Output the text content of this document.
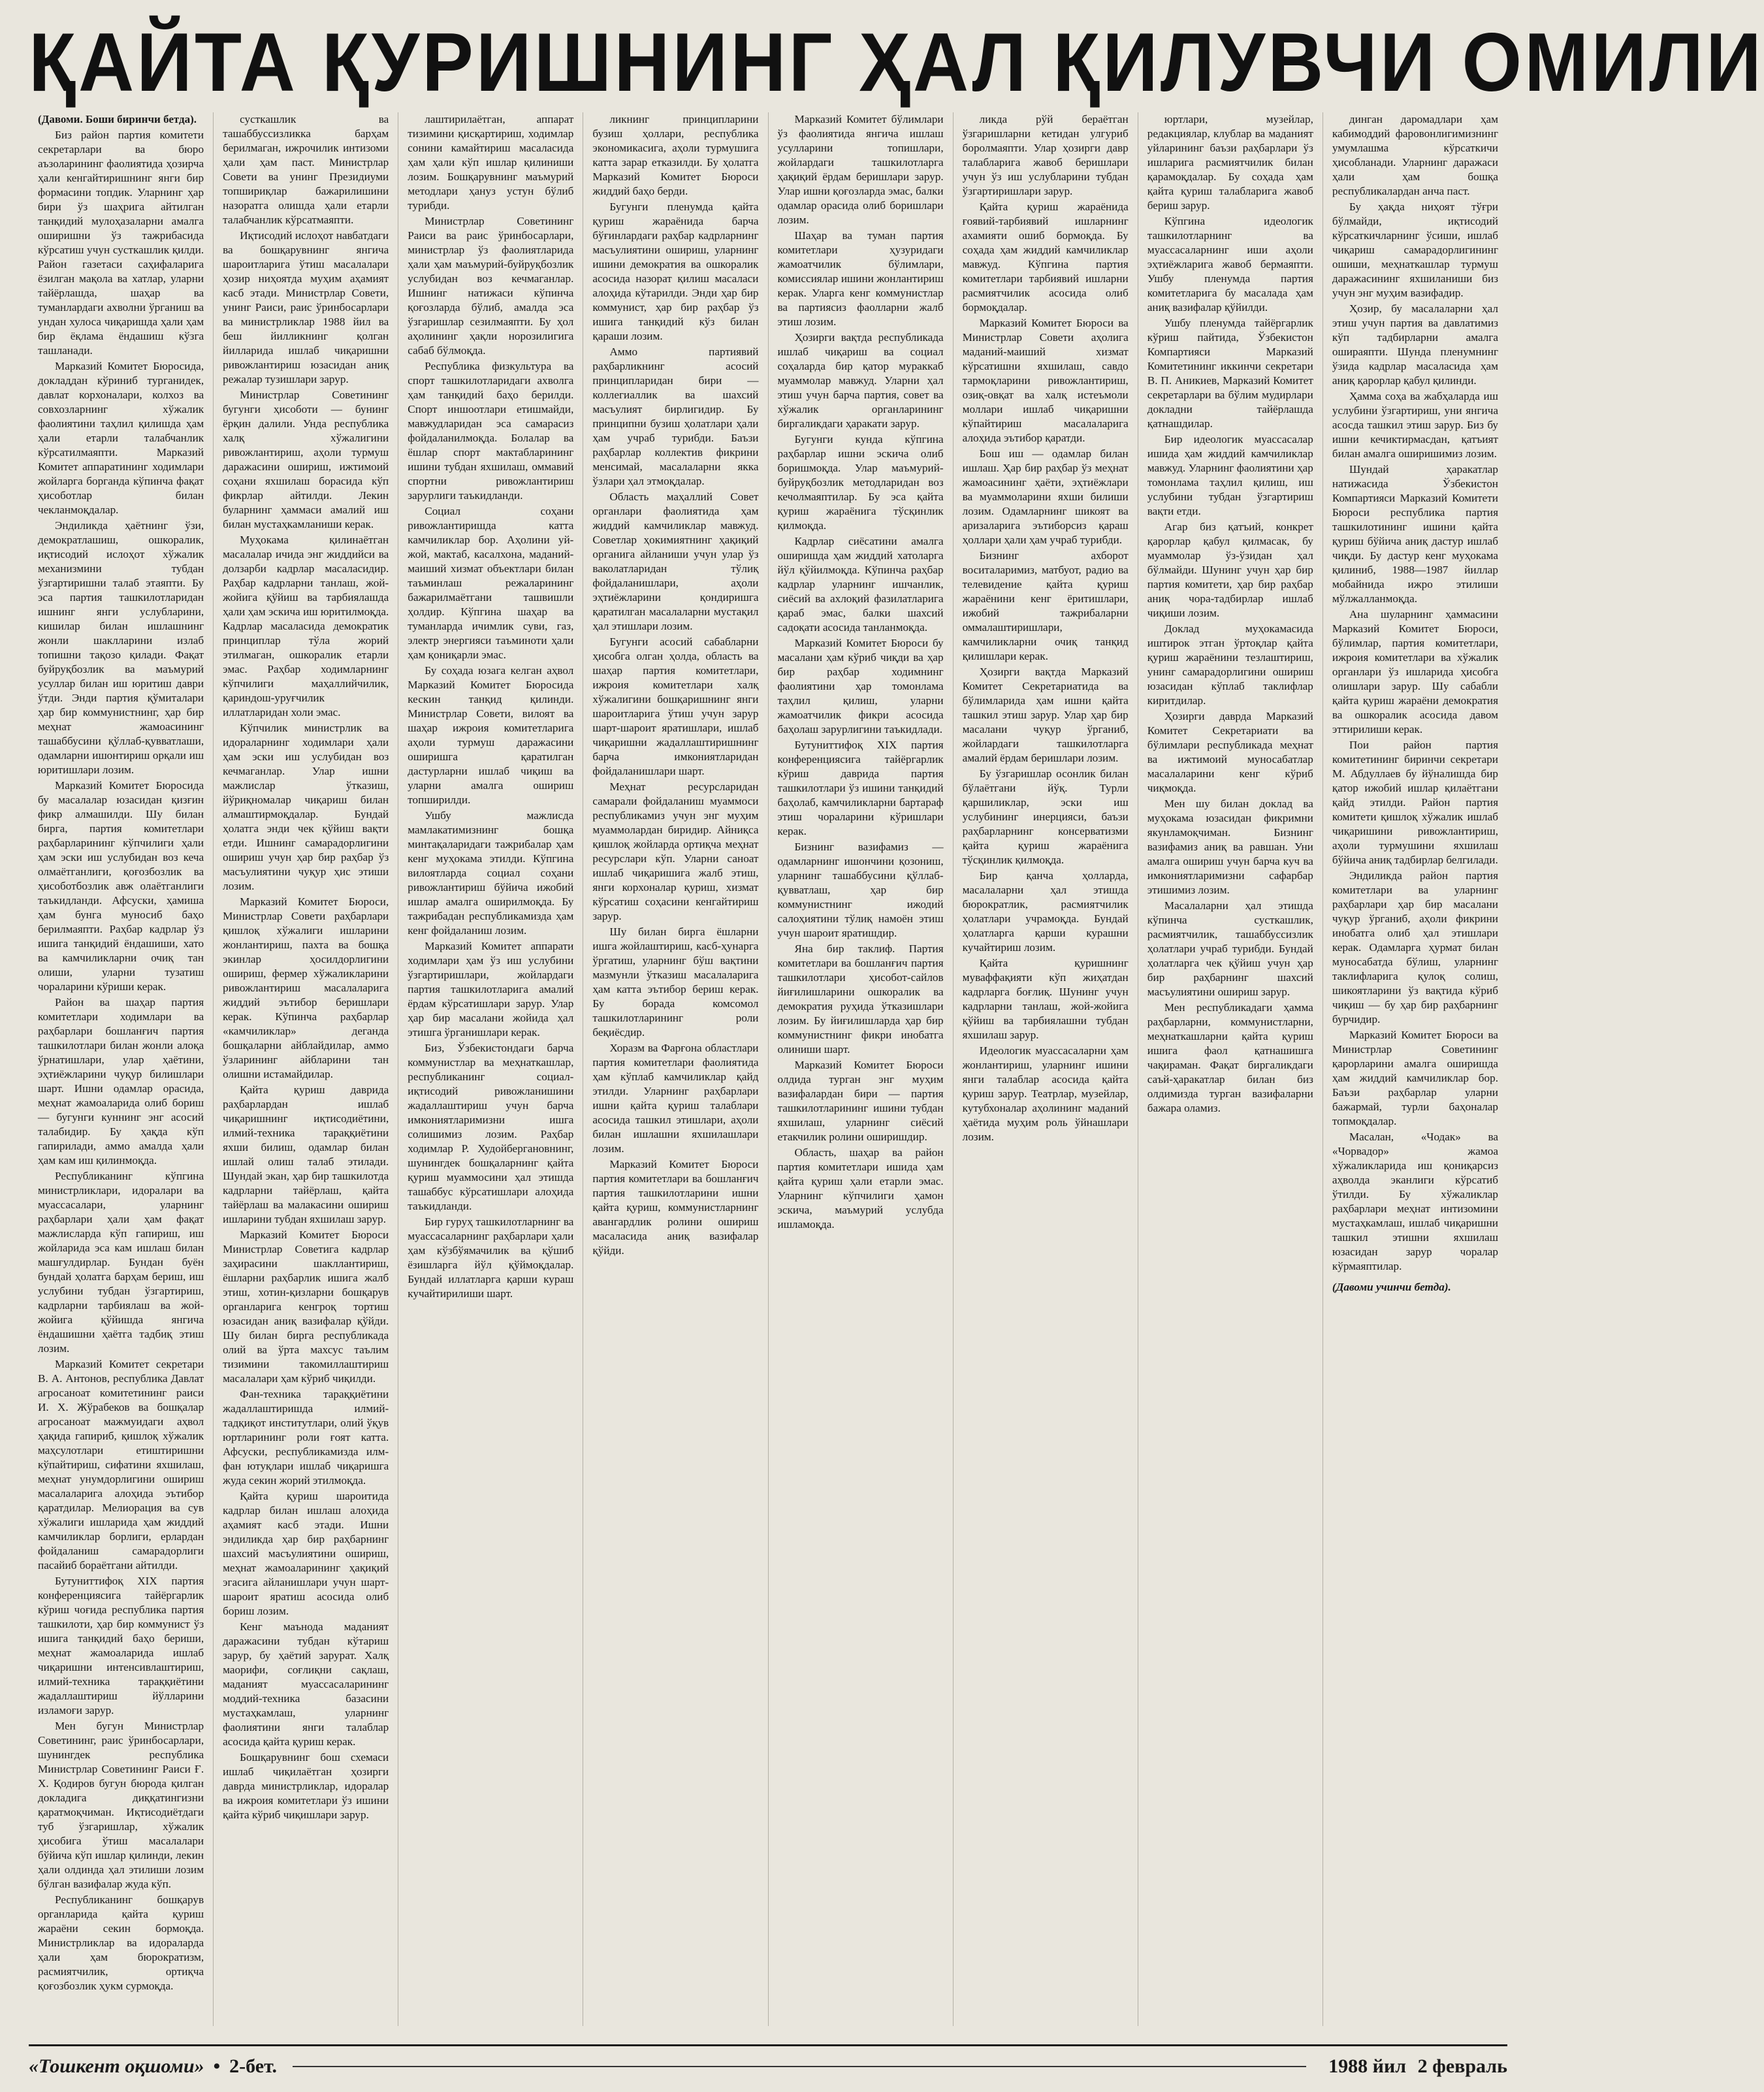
ҚАЙТА ҚУРИШНИНГ ҲАЛ ҚИЛУВЧИ ОМИЛИ

(Давоми. Боши биринчи бетда).

Биз район партия комитети секретарлари ва бюро аъзоларининг фаолиятида ҳозирча ҳали кенгайтиришнинг янги бир формасини топдик. Уларнинг ҳар бири ўз шаҳрига айтилган танқидий мулоҳазаларни амалга оширишни ўз тажрибасида кўрсатиш учун сусткашлик қилди. Район газетаси саҳифаларига ёзилган мақола ва хатлар, уларни тайёрлашда, шаҳар ва туманлардаги ахволни ўрганиш ва ундан хулоса чиқаришда ҳали ҳам бир ёқлама ёндашиш кўзга ташланади.

Марказий Комитет Бюросида, докладдан кўриниб турганидек, давлат корхоналари, колхоз ва совхозларнинг хўжалик фаолиятини таҳлил қилишда ҳам ҳали етарли талабчанлик кўрсатилмаяпти. Марказий Комитет аппаратининг ходимлари жойларга борганда кўпинча фақат ҳисоботлар билан чекланмоқдалар.

Эндиликда ҳаётнинг ўзи, демократлашиш, ошкоралик, иқтисодий ислоҳот хўжалик механизмини тубдан ўзгартиришни талаб этаяпти. Бу эса партия ташкилотларидан ишнинг янги услубларини, кишилар билан ишлашнинг жонли шаклларини излаб топишни тақозо қилади. Фақат буйруқбозлик ва маъмурий усуллар билан иш юритиш даври ўтди. Энди партия қўмиталари ҳар бир коммунистнинг, ҳар бир меҳнат жамоасининг ташаббусини қўллаб-қувватлаши, одамларни ишонтириш орқали иш юритишлари лозим.

Марказий Комитет Бюросида бу масалалар юзасидан қизғин фикр алмашилди. Шу билан бирга, партия комитетлари раҳбарларининг кўпчилиги ҳали ҳам эски иш услубидан воз кеча олмаётганлиги, қоғозбозлик ва ҳисоботбозлик авж олаётганлиги таъкидланди. Афсуски, ҳамиша ҳам бунга муносиб баҳо берилмаяпти. Раҳбар кадрлар ўз ишига танқидий ёндашиши, хато ва камчиликларни очиқ тан олиши, уларни тузатиш чораларини кўриши керак.

Район ва шаҳар партия комитетлари ходимлари ва раҳбарлари бошланғич партия ташкилотлари билан жонли алоқа ўрнатишлари, улар ҳаётини, эҳтиёжларини чуқур билишлари шарт. Ишни одамлар орасида, меҳнат жамоаларида олиб бориш — бугунги куннинг энг асосий талабидир. Бу ҳақда кўп гапирилади, аммо амалда ҳали ҳам кам иш қилинмоқда.

Республиканинг кўпгина министрликлари, идоралари ва муассасалари, уларнинг раҳбарлари ҳали ҳам фақат мажлисларда кўп гапириш, иш жойларида эса кам ишлаш билан машғулдирлар. Бундан буён бундай ҳолатга барҳам бериш, иш услубини тубдан ўзгартириш, кадрларни тарбиялаш ва жой-жойига қўйишда янгича ёндашишни ҳаётга тадбиқ этиш лозим.

Марказий Комитет секретари В. А. Антонов, республика Давлат агросаноат комитетининг раиси И. Х. Жўрабеков ва бошқалар агросаноат мажмуидаги аҳвол ҳақида гапириб, қишлоқ хўжалик маҳсулотлари етиштиришни кўпайтириш, сифатини яхшилаш, меҳнат унумдорлигини ошириш масалаларига алоҳида эътибор қаратдилар. Мелиорация ва сув хўжалиги ишларида ҳам жиддий камчиликлар борлиги, ерлардан фойдаланиш самарадорлиги пасайиб бораётгани айтилди.

Бутуниттифоқ XIX партия конференциясига тайёргарлик кўриш чоғида республика партия ташкилоти, ҳар бир коммунист ўз ишига танқидий баҳо бериши, меҳнат жамоаларида ишлаб чиқаришни интенсивлаштириш, илмий-техника тараққиётини жадаллаштириш йўлларини изламоғи зарур.

Мен бугун Министрлар Советининг, раис ўринбосарлари, шунингдек республика Министрлар Советининг Раиси Ғ. Х. Қодиров бугун бюрода қилган докладига диққатингизни қаратмоқчиман. Иқтисодиётдаги туб ўзгаришлар, хўжалик ҳисобига ўтиш масалалари бўйича кўп ишлар қилинди, лекин ҳали олдинда ҳал этилиши лозим бўлган вазифалар жуда кўп.

Республиканинг бошқарув органларида қайта қуриш жараёни секин бормоқда. Министрликлар ва идораларда ҳали ҳам бюрократизм, расмиятчилик, ортиқча қоғозбозлик ҳукм сурмоқда.

сусткашлик ва ташаббуссизликка барҳам берилмаган, ижрочилик интизоми ҳали ҳам паст. Министрлар Совети ва унинг Президиуми топшириқлар бажарилишини назоратга олишда ҳали етарли талабчанлик кўрсатмаяпти.

Иқтисодий ислоҳот навбатдаги ва бошқарувнинг янгича шароитларига ўтиш масалалари ҳозир ниҳоятда муҳим аҳамият касб этади. Министрлар Совети, унинг Раиси, раис ўринбосарлари ва министрликлар 1988 йил ва беш йилликнинг қолган йилларида ишлаб чиқаришни ривожлантириш юзасидан аниқ режалар тузишлари зарур.

Министрлар Советининг бугунги ҳисоботи — бунинг ёрқин далили. Унда республика халқ хўжалигини ривожлантириш, аҳоли турмуш даражасини ошириш, ижтимоий соҳани яхшилаш борасида кўп фикрлар айтилди. Лекин буларнинг ҳаммаси амалий иш билан мустаҳкамланиши керак.

Муҳокама қилинаётган масалалар ичида энг жиддийси ва долзарби кадрлар масаласидир. Раҳбар кадрларни танлаш, жой-жойига қўйиш ва тарбиялашда ҳали ҳам эскича иш юритилмоқда. Кадрлар масаласида демократик принциплар тўла жорий этилмаган, ошкоралик етарли эмас. Раҳбар ходимларнинг кўпчилиги маҳаллийчилик, қариндош-уруғчилик иллатларидан холи эмас.

Кўпчилик министрлик ва идораларнинг ходимлари ҳали ҳам эски иш услубидан воз кечмаганлар. Улар ишни мажлислар ўтказиш, йўриқномалар чиқариш билан алмаштирмоқдалар. Бундай ҳолатга энди чек қўйиш вақти етди. Ишнинг самарадорлигини ошириш учун ҳар бир раҳбар ўз масъулиятини чуқур ҳис этиши лозим.

Марказий Комитет Бюроси, Министрлар Совети раҳбарлари қишлоқ хўжалиги ишларини жонлантириш, пахта ва бошқа экинлар ҳосилдорлигини ошириш, фермер хўжаликларини ривожлантириш масалаларига жиддий эътибор беришлари керак. Кўпинча раҳбарлар «камчиликлар» деганда бошқаларни айблайдилар, аммо ўзларининг айбларини тан олишни истамайдилар.

Қайта қуриш даврида раҳбарлардан ишлаб чиқаришнинг иқтисодиётини, илмий-техника тараққиётини яхши билиш, одамлар билан ишлай олиш талаб этилади. Шундай экан, ҳар бир ташкилотда кадрларни тайёрлаш, қайта тайёрлаш ва малакасини ошириш ишларини тубдан яхшилаш зарур.

Марказий Комитет Бюроси Министрлар Советига кадрлар заҳирасини шакллантириш, ёшларни раҳбарлик ишига жалб этиш, хотин-қизларни бошқарув органларига кенгроқ тортиш юзасидан аниқ вазифалар қўйди. Шу билан бирга республикада олий ва ўрта махсус таълим тизимини такомиллаштириш масалалари ҳам кўриб чиқилди.

Фан-техника тараққиётини жадаллаштиришда илмий-тадқиқот институтлари, олий ўқув юртларининг роли ғоят катта. Афсуски, республикамизда илм-фан ютуқлари ишлаб чиқаришга жуда секин жорий этилмоқда.

Қайта қуриш шароитида кадрлар билан ишлаш алоҳида аҳамият касб этади. Ишни эндиликда ҳар бир раҳбарнинг шахсий масъулиятини ошириш, меҳнат жамоаларининг ҳақиқий эгасига айланишлари учун шарт-шароит яратиш асосида олиб бориш лозим.

Кенг маънода маданият даражасини тубдан кўтариш зарур, бу ҳаётий зарурат. Халқ маорифи, соғлиқни сақлаш, маданият муассасаларининг моддий-техника базасини мустаҳкамлаш, уларнинг фаолиятини янги талаблар асосида қайта қуриш керак.

Бошқарувнинг бош схемаси ишлаб чиқилаётган ҳозирги даврда министрликлар, идоралар ва ижроия комитетлари ўз ишини қайта кўриб чиқишлари зарур.

лаштирилаётган, аппарат тизимини қисқартириш, ходимлар сонини камайтириш масаласида ҳам ҳали кўп ишлар қилиниши лозим. Бошқарувнинг маъмурий методлари ҳануз устун бўлиб турибди.

Министрлар Советининг Раиси ва раис ўринбосарлари, министрлар ўз фаолиятларида ҳали ҳам маъмурий-буйруқбозлик услубидан воз кечмаганлар. Ишнинг натижаси кўпинча қоғозларда бўлиб, амалда эса ўзгаришлар сезилмаяпти. Бу ҳол аҳолининг ҳақли норозилигига сабаб бўлмоқда.

Республика физкультура ва спорт ташкилотларидаги ахволга ҳам танқидий баҳо берилди. Спорт иншоотлари етишмайди, мавжудларидан эса самарасиз фойдаланилмоқда. Болалар ва ёшлар спорт мактабларининг ишини тубдан яхшилаш, оммавий спортни ривожлантириш зарурлиги таъкидланди.

Социал соҳани ривожлантиришда катта камчиликлар бор. Аҳолини уй-жой, мактаб, касалхона, маданий-маиший хизмат объектлари билан таъминлаш режаларининг бажарилмаётгани ташвишли ҳолдир. Кўпгина шаҳар ва туманларда ичимлик суви, газ, электр энергияси таъминоти ҳали ҳам қониқарли эмас.

Бу соҳада юзага келган аҳвол Марказий Комитет Бюросида кескин танқид қилинди. Министрлар Совети, вилоят ва шаҳар ижроия комитетларига аҳоли турмуш даражасини оширишга қаратилган дастурларни ишлаб чиқиш ва уларни амалга ошириш топширилди.

Ушбу мажлисда мамлакатимизнинг бошқа минтақаларидаги тажрибалар ҳам кенг муҳокама этилди. Кўпгина вилоятларда социал соҳани ривожлантириш бўйича ижобий ишлар амалга оширилмоқда. Бу тажрибадан республикамизда ҳам кенг фойдаланиш лозим.

Марказий Комитет аппарати ходимлари ҳам ўз иш услубини ўзгартиришлари, жойлардаги партия ташкилотларига амалий ёрдам кўрсатишлари зарур. Улар ҳар бир масалани жойида ҳал этишга ўрганишлари керак.

Биз, Ўзбекистондаги барча коммунистлар ва меҳнаткашлар, республиканинг социал-иқтисодий ривожланишини жадаллаштириш учун барча имкониятларимизни ишга солишимиз лозим. Раҳбар ходимлар Р. Худойбергановнинг, шунингдек бошқаларнинг қайта қуриш муаммосини ҳал этишда ташаббус кўрсатишлари алоҳида таъкидланди.

Бир гуруҳ ташкилотларнинг ва муассасаларнинг раҳбарлари ҳали ҳам кўзбўямачилик ва қўшиб ёзишларга йўл қўймоқдалар. Бундай иллатларга қарши кураш кучайтирилиши шарт.

ликнинг принципларини бузиш ҳоллари, республика экономикасига, аҳоли турмушига катта зарар етказилди. Бу ҳолатга Марказий Комитет Бюроси жиддий баҳо берди.

Бугунги пленумда қайта қуриш жараёнида барча бўғинлардаги раҳбар кадрларнинг масъулиятини ошириш, уларнинг ишини демократия ва ошкоралик асосида назорат қилиш масаласи алоҳида кўтарилди. Энди ҳар бир коммунист, ҳар бир раҳбар ўз ишига танқидий кўз билан қараши лозим.

Аммо партиявий раҳбарликнинг асосий принципларидан бири — коллегиаллик ва шахсий масъулият бирлигидир. Бу принципни бузиш ҳолатлари ҳали ҳам учраб турибди. Баъзи раҳбарлар коллектив фикрини менсимай, масалаларни якка ўзлари ҳал этмоқдалар.

Область маҳаллий Совет органлари фаолиятида ҳам жиддий камчиликлар мавжуд. Советлар ҳокимиятнинг ҳақиқий органига айланиши учун улар ўз ваколатларидан тўлиқ фойдаланишлари, аҳоли эҳтиёжларини қондиришга қаратилган масалаларни мустақил ҳал этишлари лозим.

Бугунги асосий сабабларни ҳисобга олган ҳолда, область ва шаҳар партия комитетлари, ижроия комитетлари халқ хўжалигини бошқаришнинг янги шароитларига ўтиш учун зарур шарт-шароит яратишлари, ишлаб чиқаришни жадаллаштиришнинг барча имкониятларидан фойдаланишлари шарт.

Меҳнат ресурсларидан самарали фойдаланиш муаммоси республикамиз учун энг муҳим муаммолардан биридир. Айниқса қишлоқ жойларда ортиқча меҳнат ресурслари кўп. Уларни саноат ишлаб чиқаришига жалб этиш, янги корхоналар қуриш, хизмат кўрсатиш соҳасини кенгайтириш зарур.

Шу билан бирга ёшларни ишга жойлаштириш, касб-ҳунарга ўргатиш, уларнинг бўш вақтини мазмунли ўтказиш масалаларига ҳам катта эътибор бериш керак. Бу борада комсомол ташкилотларининг роли беқиёсдир.

Хоразм ва Фарғона областлари партия комитетлари фаолиятида ҳам кўплаб камчиликлар қайд этилди. Уларнинг раҳбарлари ишни қайта қуриш талаблари асосида ташкил этишлари, аҳоли билан ишлашни яхшилашлари лозим.

Марказий Комитет Бюроси партия комитетлари ва бошланғич партия ташкилотларини ишни қайта қуриш, коммунистларнинг авангардлик ролини ошириш масаласида аниқ вазифалар қўйди.

Марказий Комитет бўлимлари ўз фаолиятида янгича ишлаш усулларини топишлари, жойлардаги ташкилотларга ҳақиқий ёрдам беришлари зарур. Улар ишни қоғозларда эмас, балки одамлар орасида олиб боришлари лозим.

Шаҳар ва туман партия комитетлари ҳузуридаги жамоатчилик бўлимлари, комиссиялар ишини жонлантириш керак. Уларга кенг коммунистлар ва партиясиз фаолларни жалб этиш лозим.

Ҳозирги вақтда республикада ишлаб чиқариш ва социал соҳаларда бир қатор мураккаб муаммолар мавжуд. Уларни ҳал этиш учун барча партия, совет ва хўжалик органларининг биргаликдаги ҳаракати зарур.

Бугунги кунда кўпгина раҳбарлар ишни эскича олиб боришмоқда. Улар маъмурий-буйруқбозлик методларидан воз кечолмаяптилар. Бу эса қайта қуриш жараёнига тўсқинлик қилмоқда.

Кадрлар сиёсатини амалга оширишда ҳам жиддий хатоларга йўл қўйилмоқда. Кўпинча раҳбар кадрлар уларнинг ишчанлик, сиёсий ва ахлоқий фазилатларига қараб эмас, балки шахсий садоқати асосида танланмоқда.

Марказий Комитет Бюроси бу масалани ҳам кўриб чиқди ва ҳар бир раҳбар ходимнинг фаолиятини ҳар томонлама таҳлил қилиш, уларни жамоатчилик фикри асосида баҳолаш зарурлигини таъкидлади.

Бутуниттифоқ XIX партия конференциясига тайёргарлик кўриш даврида партия ташкилотлари ўз ишини танқидий баҳолаб, камчиликларни бартараф этиш чораларини кўришлари керак.

Бизнинг вазифамиз — одамларнинг ишончини қозониш, уларнинг ташаббусини қўллаб-қувватлаш, ҳар бир коммунистнинг ижодий салоҳиятини тўлиқ намоён этиш учун шароит яратишдир.

Яна бир таклиф. Партия комитетлари ва бошланғич партия ташкилотлари ҳисобот-сайлов йиғилишларини ошкоралик ва демократия руҳида ўтказишлари лозим. Бу йиғилишларда ҳар бир коммунистнинг фикри инобатга олиниши шарт.

Марказий Комитет Бюроси олдида турган энг муҳим вазифалардан бири — партия ташкилотларининг ишини тубдан яхшилаш, уларнинг сиёсий етакчилик ролини оширишдир.

Область, шаҳар ва район партия комитетлари ишида ҳам қайта қуриш ҳали етарли эмас. Уларнинг кўпчилиги ҳамон эскича, маъмурий услубда ишламоқда.

ликда рўй бераётган ўзгаришларни кетидан улгуриб боролмаяпти. Улар ҳозирги давр талабларига жавоб беришлари учун ўз иш услубларини тубдан ўзгартиришлари зарур.

Қайта қуриш жараёнида ғоявий-тарбиявий ишларнинг ахамияти ошиб бормоқда. Бу соҳада ҳам жиддий камчиликлар мавжуд. Кўпгина партия комитетлари тарбиявий ишларни расмиятчилик асосида олиб бормоқдалар.

Марказий Комитет Бюроси ва Министрлар Совети аҳолига маданий-маиший хизмат кўрсатишни яхшилаш, савдо тармоқларини ривожлантириш, озиқ-овқат ва халқ истеъмоли моллари ишлаб чиқаришни кўпайтириш масалаларига алоҳида эътибор қаратди.

Бош иш — одамлар билан ишлаш. Ҳар бир раҳбар ўз меҳнат жамоасининг ҳаёти, эҳтиёжлари ва муаммоларини яхши билиши лозим. Одамларнинг шикоят ва аризаларига эътиборсиз қараш ҳоллари ҳали ҳам учраб турибди.

Бизнинг ахборот воситаларимиз, матбуот, радио ва телевидение қайта қуриш жараёнини кенг ёритишлари, ижобий тажрибаларни оммалаштиришлари, камчиликларни очиқ танқид қилишлари керак.

Ҳозирги вақтда Марказий Комитет Секретариатида ва бўлимларида ҳам ишни қайта ташкил этиш зарур. Улар ҳар бир масалани чуқур ўрганиб, жойлардаги ташкилотларга амалий ёрдам беришлари лозим.

Бу ўзгаришлар осонлик билан бўлаётгани йўқ. Турли қаршиликлар, эски иш услубининг инерцияси, баъзи раҳбарларнинг консерватизми қайта қуриш жараёнига тўсқинлик қилмоқда.

Бир қанча ҳолларда, масалаларни ҳал этишда бюрократлик, расмиятчилик ҳолатлари учрамоқда. Бундай ҳолатларга қарши курашни кучайтириш лозим.

Қайта қуришнинг муваффақияти кўп жиҳатдан кадрларга боғлиқ. Шунинг учун кадрларни танлаш, жой-жойига қўйиш ва тарбиялашни тубдан яхшилаш зарур.

Идеологик муассасаларни ҳам жонлантириш, уларнинг ишини янги талаблар асосида қайта қуриш зарур. Театрлар, музейлар, кутубхоналар аҳолининг маданий ҳаётида муҳим роль ўйнашлари лозим.

юртлари, музейлар, редакциялар, клублар ва маданият уйларининг баъзи раҳбарлари ўз ишларига расмиятчилик билан қарамоқдалар. Бу соҳада ҳам қайта қуриш талабларига жавоб бериш зарур.

Кўпгина идеологик ташкилотларнинг ва муассасаларнинг иши аҳоли эҳтиёжларига жавоб бермаяпти. Ушбу пленумда партия комитетларига бу масалада ҳам аниқ вазифалар қўйилди.

Ушбу пленумда тайёргарлик кўриш пайтида, Ўзбекистон Компартияси Марказий Комитетининг иккинчи секретари В. П. Аникиев, Марказий Комитет секретарлари ва бўлим мудирлари докладни тайёрлашда қатнашдилар.

Бир идеологик муассасалар ишида ҳам жиддий камчиликлар мавжуд. Уларнинг фаолиятини ҳар томонлама таҳлил қилиш, иш услубини тубдан ўзгартириш вақти етди.

Агар биз қатъий, конкрет қарорлар қабул қилмасак, бу муаммолар ўз-ўзидан ҳал бўлмайди. Шунинг учун ҳар бир партия комитети, ҳар бир раҳбар аниқ чора-тадбирлар ишлаб чиқиши лозим.

Доклад муҳокамасида иштирок этган ўртоқлар қайта қуриш жараёнини тезлаштириш, унинг самарадорлигини ошириш юзасидан кўплаб таклифлар киритдилар.

Ҳозирги даврда Марказий Комитет Секретариати ва бўлимлари республикада меҳнат ва ижтимоий муносабатлар масалаларини кенг кўриб чиқмоқда.

Мен шу билан доклад ва муҳокама юзасидан фикримни якунламоқчиман. Бизнинг вазифамиз аниқ ва равшан. Уни амалга ошириш учун барча куч ва имкониятларимизни сафарбар этишимиз лозим.

Масалаларни ҳал этишда кўпинча сусткашлик, расмиятчилик, ташаббуссизлик ҳолатлари учраб турибди. Бундай ҳолатларга чек қўйиш учун ҳар бир раҳбарнинг шахсий масъулиятини ошириш зарур.

Мен республикадаги ҳамма раҳбарларни, коммунистларни, меҳнаткашларни қайта қуриш ишига фаол қатнашишга чақираман. Фақат биргаликдаги саъй-ҳаракатлар билан биз олдимизда турган вазифаларни бажара оламиз.

динган даромадлари ҳам кабимоддий фаровонлигимизнинг умумлашма кўрсаткичи ҳисобланади. Уларнинг даражаси ҳали ҳам бошқа республикалардан анча паст.

Бу ҳақда ниҳоят тўғри бўлмайди, иқтисодий кўрсаткичларнинг ўсиши, ишлаб чиқариш самарадорлигининг ошиши, меҳнаткашлар турмуш даражасининг яхшиланиши биз учун энг муҳим вазифадир.

Ҳозир, бу масалаларни ҳал этиш учун партия ва давлатимиз кўп тадбирларни амалга ошираяпти. Шунда пленумнинг ўзида кадрлар масаласида ҳам аниқ қарорлар қабул қилинди.

Ҳамма соҳа ва жабҳаларда иш услубини ўзгартириш, уни янгича асосда ташкил этиш зарур. Биз бу ишни кечиктирмасдан, қатъият билан амалга оширишимиз лозим.

Шундай ҳаракатлар натижасида Ўзбекистон Компартияси Марказий Комитети Бюроси республика партия ташкилотининг ишини қайта қуриш бўйича аниқ дастур ишлаб чиқди. Бу дастур кенг муҳокама қилиниб, 1988—1987 йиллар мобайнида ижро этилиши мўлжалланмоқда.

Ана шуларнинг ҳаммасини Марказий Комитет Бюроси, бўлимлар, партия комитетлари, ижроия комитетлари ва хўжалик органлари ўз ишларида ҳисобга олишлари зарур. Шу сабабли қайта қуриш жараёни демократия ва ошкоралик асосида давом эттирилиши керак.

Пои район партия комитетининг биринчи секретари М. Абдуллаев бу йўналишда бир қатор ижобий ишлар қилаётгани қайд этилди. Район партия комитети қишлоқ хўжалик ишлаб чиқаришини ривожлантириш, аҳоли турмушини яхшилаш бўйича аниқ тадбирлар белгилади.

Эндиликда район партия комитетлари ва уларнинг раҳбарлари ҳар бир масалани чуқур ўрганиб, аҳоли фикрини инобатга олиб ҳал этишлари керак. Одамларга ҳурмат билан муносабатда бўлиш, уларнинг таклифларига қулоқ солиш, шикоятларини ўз вақтида кўриб чиқиш — бу ҳар бир раҳбарнинг бурчидир.

Марказий Комитет Бюроси ва Министрлар Советининг қарорларини амалга оширишда ҳам жиддий камчиликлар бор. Баъзи раҳбарлар уларни бажармай, турли баҳоналар топмоқдалар.

Масалан, «Чодак» ва «Чорвадор» жамоа хўжаликларида иш қониқарсиз аҳволда эканлиги кўрсатиб ўтилди. Бу хўжаликлар раҳбарлари меҳнат интизомини мустаҳкамлаш, ишлаб чиқаришни ташкил этишни яхшилаш юзасидан зарур чоралар кўрмаяптилар.

(Давоми учинчи бетда).

«Тошкент оқшоми» • 2-бет.	1988 йил 2 февраль
